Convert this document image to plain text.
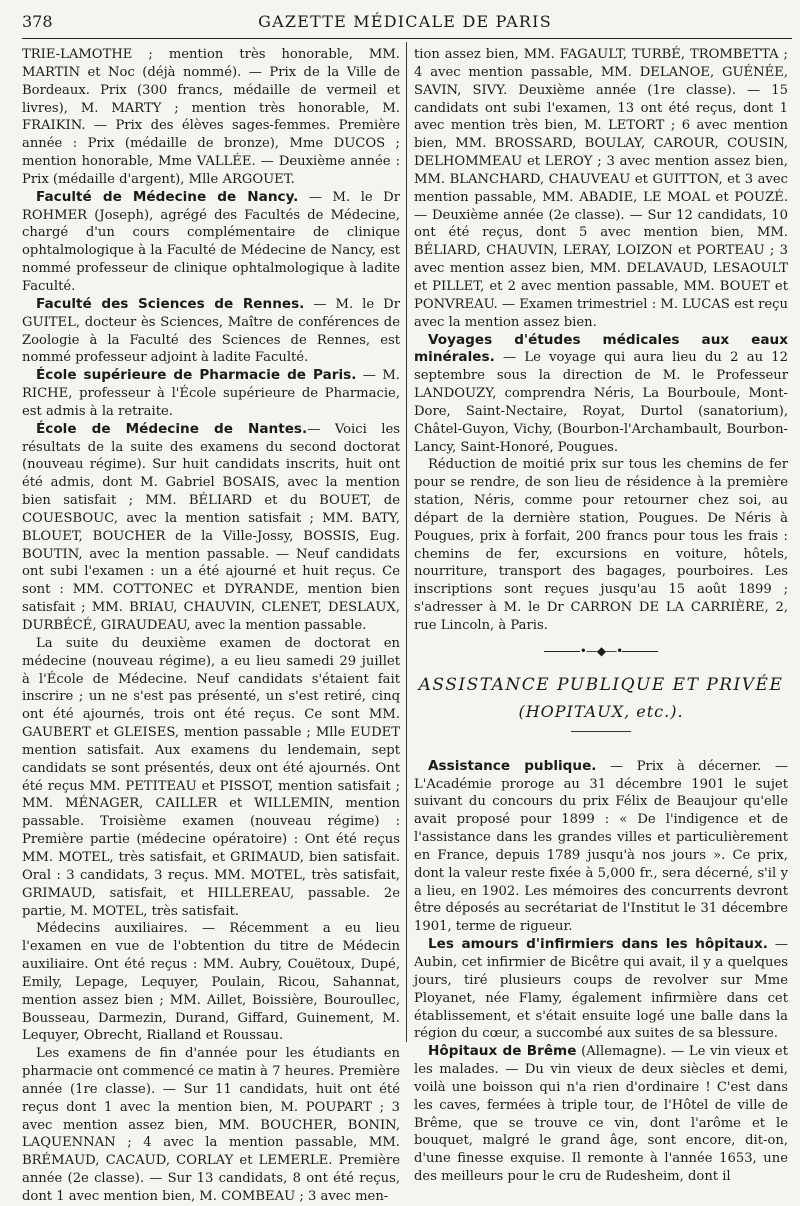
378	GAZETTE MÉDICALE DE PARIS

TRIE-LAMOTHE ; mention très honorable, MM. MARTIN et Noc (déjà nommé). — Prix de la Ville de Bordeaux. Prix (300 francs, médaille de vermeil et livres), M. MARTY ; mention très honorable, M. FRAIKIN. — Prix des élèves sages-femmes. Première année : Prix (médaille de bronze), Mme DUCOS ; mention honorable, Mme VALLÉE. — Deuxième année : Prix (médaille d'argent), Mlle ARGOUET.

Faculté de Médecine de Nancy. — M. le Dr ROHMER (Joseph), agrégé des Facultés de Médecine, chargé d'un cours complémentaire de clinique ophtalmologique à la Faculté de Médecine de Nancy, est nommé professeur de clinique ophtalmologique à ladite Faculté.

Faculté des Sciences de Rennes. — M. le Dr GUITEL, docteur ès Sciences, Maître de conférences de Zoologie à la Faculté des Sciences de Rennes, est nommé professeur adjoint à ladite Faculté.

École supérieure de Pharmacie de Paris. — M. RICHE, professeur à l'École supérieure de Pharmacie, est admis à la retraite.

École de Médecine de Nantes.— Voici les résultats de la suite des examens du second doctorat (nouveau régime). Sur huit candidats inscrits, huit ont été admis, dont M. Gabriel BOSAIS, avec la mention bien satisfait ; MM. BÉLIARD et du BOUET, de COUESBOUC, avec la mention satisfait ; MM. BATY, BLOUET, BOUCHER de la Ville-Jossy, BOSSIS, Eug. BOUTIN, avec la mention passable. — Neuf candidats ont subi l'examen : un a été ajourné et huit reçus. Ce sont : MM. COTTONEC et DYRANDE, mention bien satisfait ; MM. BRIAU, CHAUVIN, CLENET, DESLAUX, DURBÉCÉ, GIRAUDEAU, avec la mention passable.

La suite du deuxième examen de doctorat en médecine (nouveau régime), a eu lieu samedi 29 juillet à l'École de Médecine. Neuf candidats s'étaient fait inscrire ; un ne s'est pas présenté, un s'est retiré, cinq ont été ajournés, trois ont été reçus. Ce sont MM. GAUBERT et GLEISES, mention passable ; Mlle EUDET mention satisfait. Aux examens du lendemain, sept candidats se sont présentés, deux ont été ajournés. Ont été reçus MM. PETITEAU et PISSOT, mention satisfait ; MM. MÉNAGER, CAILLER et WILLEMIN, mention passable. Troisième examen (nouveau régime) : Première partie (médecine opératoire) : Ont été reçus MM. MOTEL, très satisfait, et GRIMAUD, bien satisfait. Oral : 3 candidats, 3 reçus. MM. MOTEL, très satisfait, GRIMAUD, satisfait, et HILLEREAU, passable. 2e partie, M. MOTEL, très satisfait.

Médecins auxiliaires. — Récemment a eu lieu l'examen en vue de l'obtention du titre de Médecin auxiliaire. Ont été reçus : MM. Aubry, Couëtoux, Dupé, Emily, Lepage, Lequyer, Poulain, Ricou, Sahannat, mention assez bien ; MM. Aillet, Boissière, Bouroullec, Bousseau, Darmezin, Durand, Giffard, Guinement, M. Lequyer, Obrecht, Rialland et Roussau.

Les examens de fin d'année pour les étudiants en pharmacie ont commencé ce matin à 7 heures. Première année (1re classe). — Sur 11 candidats, huit ont été reçus dont 1 avec la mention bien, M. POUPART ; 3 avec mention assez bien, MM. BOUCHER, BONIN, LAQUENNAN ; 4 avec la mention passable, MM. BRÉMAUD, CACAUD, CORLAY et LEMERLE. Première année (2e classe). — Sur 13 candidats, 8 ont été reçus, dont 1 avec mention bien, M. COMBEAU ; 3 avec men-

tion assez bien, MM. FAGAULT, TURBÉ, TROMBETTA ; 4 avec mention passable, MM. DELANOE, GUÉNÉE, SAVIN, SIVY. Deuxième année (1re classe). — 15 candidats ont subi l'examen, 13 ont été reçus, dont 1 avec mention très bien, M. LETORT ; 6 avec mention bien, MM. BROSSARD, BOULAY, CAROUR, COUSIN, DELHOMMEAU et LEROY ; 3 avec mention assez bien, MM. BLANCHARD, CHAUVEAU et GUITTON, et 3 avec mention passable, MM. ABADIE, LE MOAL et POUZÉ. — Deuxième année (2e classe). — Sur 12 candidats, 10 ont été reçus, dont 5 avec mention bien, MM. BÉLIARD, CHAUVIN, LERAY, LOIZON et PORTEAU ; 3 avec mention assez bien, MM. DELAVAUD, LESAOULT et PILLET, et 2 avec mention passable, MM. BOUET et PONVREAU. — Examen trimestriel : M. LUCAS est reçu avec la mention assez bien.

Voyages d'études médicales aux eaux minérales. — Le voyage qui aura lieu du 2 au 12 septembre sous la direction de M. le Professeur LANDOUZY, comprendra Néris, La Bourboule, Mont-Dore, Saint-Nectaire, Royat, Durtol (sanatorium), Châtel-Guyon, Vichy, (Bourbon-l'Archambault, Bourbon-Lancy, Saint-Honoré, Pougues.

Réduction de moitié prix sur tous les chemins de fer pour se rendre, de son lieu de résidence à la première station, Néris, comme pour retourner chez soi, au départ de la dernière station, Pougues. De Néris à Pougues, prix à forfait, 200 francs pour tous les frais : chemins de fer, excursions en voiture, hôtels, nourriture, transport des bagages, pourboires. Les inscriptions sont reçues jusqu'au 15 août 1899 ; s'adresser à M. le Dr CARRON DE LA CARRIÈRE, 2, rue Lincoln, à Paris.

•—◆—•
ASSISTANCE PUBLIQUE ET PRIVÉE
(HOPITAUX, etc.).

Assistance publique. — Prix à décerner. — L'Académie proroge au 31 décembre 1901 le sujet suivant du concours du prix Félix de Beaujour qu'elle avait proposé pour 1899 : « De l'indigence et de l'assistance dans les grandes villes et particulièrement en France, depuis 1789 jusqu'à nos jours ». Ce prix, dont la valeur reste fixée à 5,000 fr., sera décerné, s'il y a lieu, en 1902. Les mémoires des concurrents devront être déposés au secrétariat de l'Institut le 31 décembre 1901, terme de rigueur.

Les amours d'infirmiers dans les hôpitaux. — Aubin, cet infirmier de Bicêtre qui avait, il y a quelques jours, tiré plusieurs coups de revolver sur Mme Ployanet, née Flamy, également infirmière dans cet établissement, et s'était ensuite logé une balle dans la région du cœur, a succombé aux suites de sa blessure.

Hôpitaux de Brême (Allemagne). — Le vin vieux et les malades. — Du vin vieux de deux siècles et demi, voilà une boisson qui n'a rien d'ordinaire ! C'est dans les caves, fermées à triple tour, de l'Hôtel de ville de Brême, que se trouve ce vin, dont l'arôme et le bouquet, malgré le grand âge, sont encore, dit-on, d'une finesse exquise. Il remonte à l'année 1653, une des meilleurs pour le cru de Rudesheim, dont il
